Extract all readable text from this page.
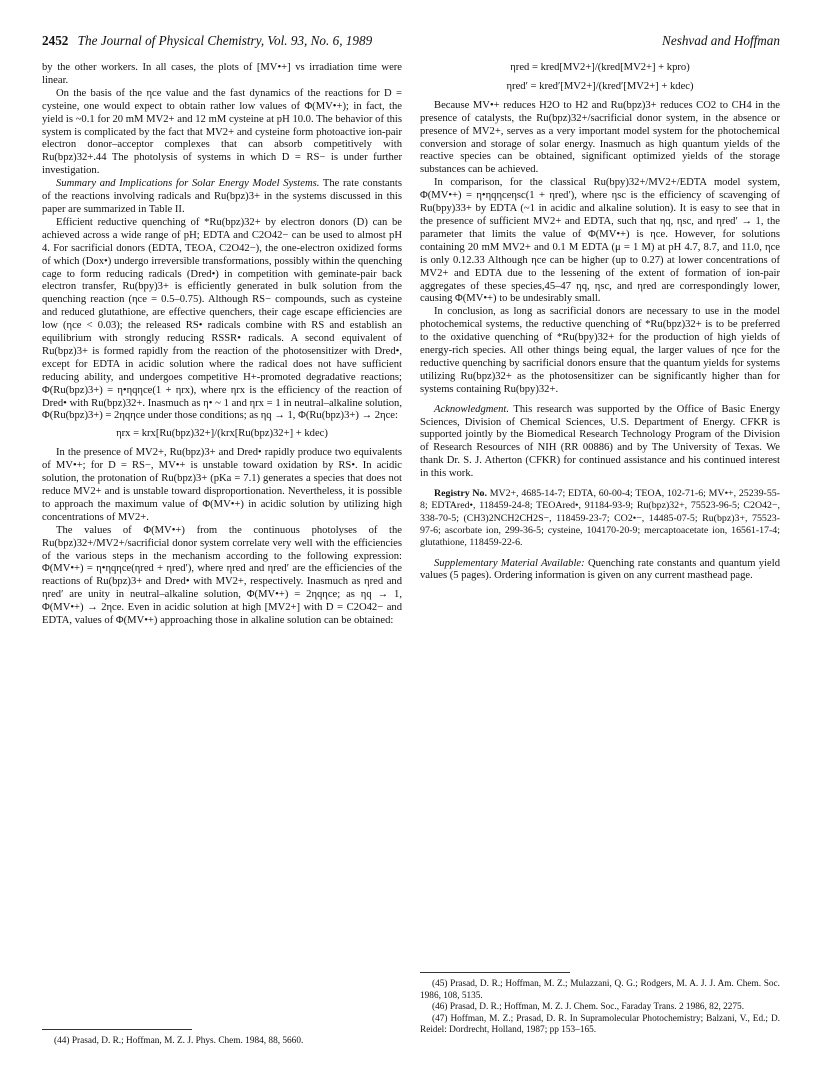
2452 The Journal of Physical Chemistry, Vol. 93, No. 6, 1989	Neshvad and Hoffman

by the other workers. In all cases, the plots of [MV•+] vs irradiation time were linear.

On the basis of the ηce value and the fast dynamics of the reactions for D = cysteine, one would expect to obtain rather low values of Φ(MV•+); in fact, the yield is ~0.1 for 20 mM MV2+ and 12 mM cysteine at pH 10.0. The behavior of this system is complicated by the fact that MV2+ and cysteine form photoactive ion-pair electron donor–acceptor complexes that can absorb competitively with Ru(bpz)32+.44 The photolysis of systems in which D = RS− is under further investigation.

Summary and Implications for Solar Energy Model Systems. The rate constants of the reactions involving radicals and Ru(bpz)3+ in the systems discussed in this paper are summarized in Table II.

Efficient reductive quenching of *Ru(bpz)32+ by electron donors (D) can be achieved across a wide range of pH; EDTA and C2O42− can be used to almost pH 4. For sacrificial donors (EDTA, TEOA, C2O42−), the one-electron oxidized forms of which (Dox•) undergo irreversible transformations, possibly within the quenching cage to form reducing radicals (Dred•) in competition with geminate-pair back electron transfer, Ru(bpy)3+ is efficiently generated in bulk solution from the quenching reaction (ηce = 0.5–0.75). Although RS− compounds, such as cysteine and reduced glutathione, are effective quenchers, their cage escape efficiencies are low (ηce < 0.03); the released RS• radicals combine with RS and establish an equilibrium with strongly reducing RSSR• radicals. A second equivalent of Ru(bpz)3+ is formed rapidly from the reaction of the photosensitizer with Dred•, except for EDTA in acidic solution where the radical does not have sufficient reducing ability, and undergoes competitive H+-promoted degradative reactions; Φ(Ru(bpz)3+) = η•ηqηce(1 + ηrx), where ηrx is the efficiency of the reaction of Dred• with Ru(bpz)32+. Inasmuch as η• ~ 1 and ηrx = 1 in neutral–alkaline solution, Φ(Ru(bpz)3+) = 2ηqηce under those conditions; as ηq → 1, Φ(Ru(bpz)3+) → 2ηce:

ηrx = krx[Ru(bpz)32+]/(krx[Ru(bpz)32+] + kdec)

In the presence of MV2+, Ru(bpz)3+ and Dred• rapidly produce two equivalents of MV•+; for D = RS−, MV•+ is unstable toward oxidation by RS•. In acidic solution, the protonation of Ru(bpz)3+ (pKa = 7.1) generates a species that does not reduce MV2+ and is unstable toward disproportionation. Nevertheless, it is possible to approach the maximum value of Φ(MV•+) in acidic solution by utilizing high concentrations of MV2+.

The values of Φ(MV•+) from the continuous photolyses of the Ru(bpz)32+/MV2+/sacrificial donor system correlate very well with the efficiencies of the various steps in the mechanism according to the following expression: Φ(MV•+) = η•ηqηce(ηred + ηred′), where ηred and ηred′ are the efficiencies of the reactions of Ru(bpz)3+ and Dred• with MV2+, respectively. Inasmuch as ηred and ηred′ are unity in neutral–alkaline solution, Φ(MV•+) = 2ηqηce; as ηq → 1, Φ(MV•+) → 2ηce. Even in acidic solution at high [MV2+] with D = C2O42− and EDTA, values of Φ(MV•+) approaching those in alkaline solution can be obtained:

(44) Prasad, D. R.; Hoffman, M. Z. J. Phys. Chem. 1984, 88, 5660.

ηred = kred[MV2+]/(kred[MV2+] + kpro)

ηred′ = kred′[MV2+]/(kred′[MV2+] + kdec)

Because MV•+ reduces H2O to H2 and Ru(bpz)3+ reduces CO2 to CH4 in the presence of catalysts, the Ru(bpz)32+/sacrificial donor system, in the absence or presence of MV2+, serves as a very important model system for the photochemical conversion and storage of solar energy. Inasmuch as high quantum yields of the reactive species can be obtained, significant optimized yields of the storage substances can be achieved.

In comparison, for the classical Ru(bpy)32+/MV2+/EDTA model system, Φ(MV•+) = η•ηqηceηsc(1 + ηred′), where ηsc is the efficiency of scavenging of Ru(bpy)33+ by EDTA (~1 in acidic and alkaline solution). It is easy to see that in the presence of sufficient MV2+ and EDTA, such that ηq, ηsc, and ηred′ → 1, the parameter that limits the value of Φ(MV•+) is ηce. However, for solutions containing 20 mM MV2+ and 0.1 M EDTA (μ = 1 M) at pH 4.7, 8.7, and 11.0, ηce is only 0.12.33 Although ηce can be higher (up to 0.27) at lower concentrations of MV2+ and EDTA due to the lessening of the extent of formation of ion-pair aggregates of these species,45–47 ηq, ηsc, and ηred are correspondingly lower, causing Φ(MV•+) to be undesirably small.

In conclusion, as long as sacrificial donors are necessary to use in the model photochemical systems, the reductive quenching of *Ru(bpz)32+ is to be preferred to the oxidative quenching of *Ru(bpy)32+ for the production of high yields of energy-rich species. All other things being equal, the larger values of ηce for the reductive quenching by sacrificial donors ensure that the quantum yields for systems utilizing Ru(bpz)32+ as the photosensitizer can be significantly higher than for systems containing Ru(bpy)32+.

Acknowledgment. This research was supported by the Office of Basic Energy Sciences, Division of Chemical Sciences, U.S. Department of Energy. CFKR is supported jointly by the Biomedical Research Technology Program of the Division of Research Resources of NIH (RR 00886) and by The University of Texas. We thank Dr. S. J. Atherton (CFKR) for continued assistance and his continued interest in this work.

Registry No. MV2+, 4685-14-7; EDTA, 60-00-4; TEOA, 102-71-6; MV•+, 25239-55-8; EDTAred•, 118459-24-8; TEOAred•, 91184-93-9; Ru(bpz)32+, 75523-96-5; C2O42−, 338-70-5; (CH3)2NCH2CH2S−, 118459-23-7; CO2•−, 14485-07-5; Ru(bpz)3+, 75523-97-6; ascorbate ion, 299-36-5; cysteine, 104170-20-9; mercaptoacetate ion, 16561-17-4; glutathione, 118459-22-6.

Supplementary Material Available: Quenching rate constants and quantum yield values (5 pages). Ordering information is given on any current masthead page.

(45) Prasad, D. R.; Hoffman, M. Z.; Mulazzani, Q. G.; Rodgers, M. A. J. J. Am. Chem. Soc. 1986, 108, 5135.

(46) Prasad, D. R.; Hoffman, M. Z. J. Chem. Soc., Faraday Trans. 2 1986, 82, 2275.

(47) Hoffman, M. Z.; Prasad, D. R. In Supramolecular Photochemistry; Balzani, V., Ed.; D. Reidel: Dordrecht, Holland, 1987; pp 153–165.
